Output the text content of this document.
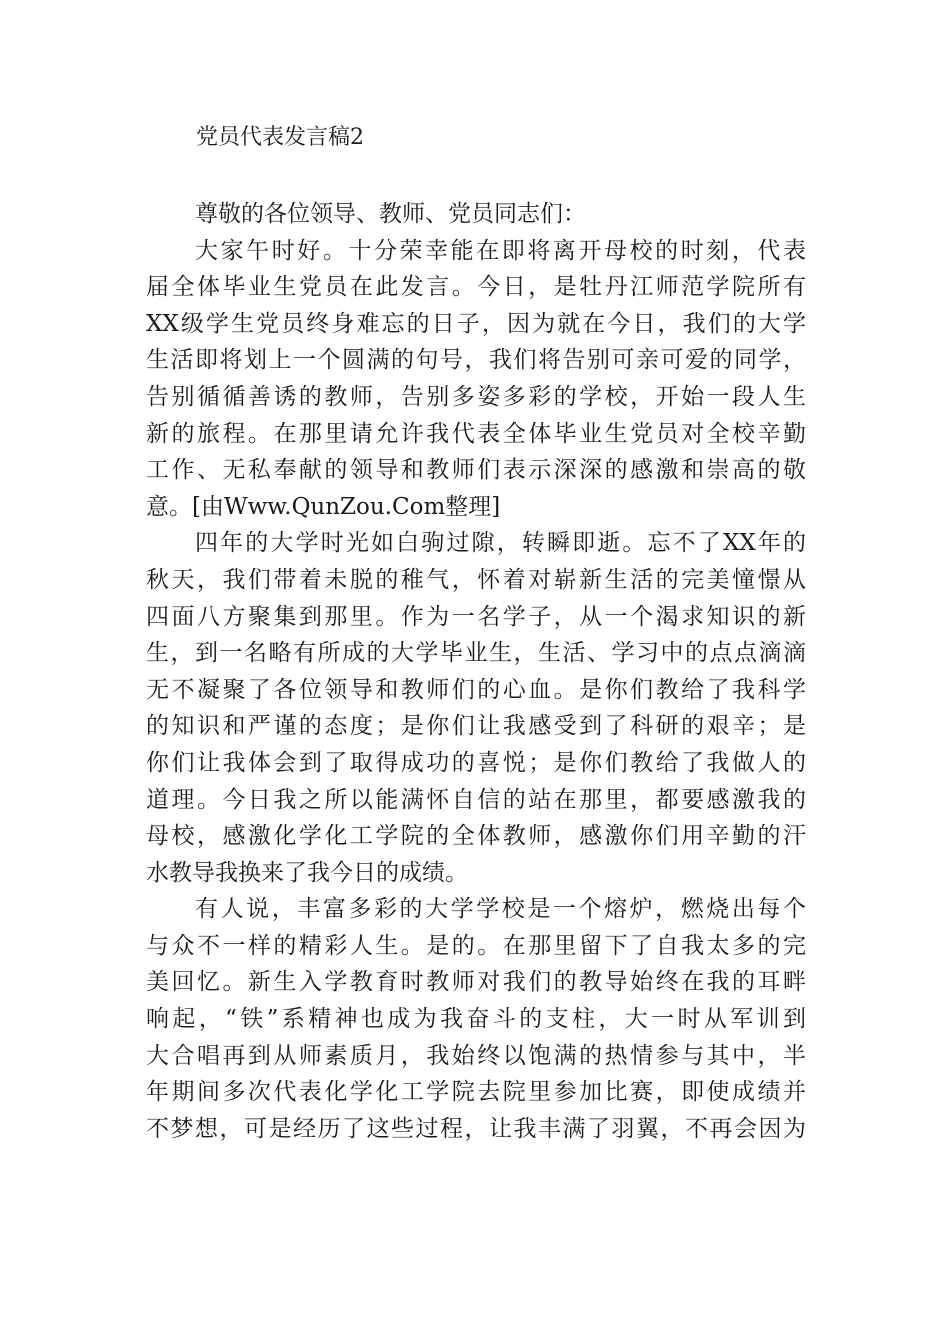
党员代表发言稿2
尊敬的各位领导、教师、党员同志们：
大家午时好。十分荣幸能在即将离开母校的时刻，代表
届全体毕业生党员在此发言。今日，是牡丹江师范学院所有
XX级学生党员终身难忘的日子，因为就在今日，我们的大学
生活即将划上一个圆满的句号，我们将告别可亲可爱的同学，
告别循循善诱的教师，告别多姿多彩的学校，开始一段人生
新的旅程。在那里请允许我代表全体毕业生党员对全校辛勤
工作、无私奉献的领导和教师们表示深深的感激和崇高的敬
意。[由Www.QunZou.Com整理]
四年的大学时光如白驹过隙，转瞬即逝。忘不了XX年的
秋天，我们带着未脱的稚气，怀着对崭新生活的完美憧憬从
四面八方聚集到那里。作为一名学子，从一个渴求知识的新
生，到一名略有所成的大学毕业生，生活、学习中的点点滴滴
无不凝聚了各位领导和教师们的心血。是你们教给了我科学
的知识和严谨的态度；是你们让我感受到了科研的艰辛；是
你们让我体会到了取得成功的喜悦；是你们教给了我做人的
道理。今日我之所以能满怀自信的站在那里，都要感激我的
母校，感激化学化工学院的全体教师，感激你们用辛勤的汗
水教导我换来了我今日的成绩。
有人说，丰富多彩的大学学校是一个熔炉，燃烧出每个
与众不一样的精彩人生。是的。在那里留下了自我太多的完
美回忆。新生入学教育时教师对我们的教导始终在我的耳畔
响起，“铁”系精神也成为我奋斗的支柱，大一时从军训到
大合唱再到从师素质月，我始终以饱满的热情参与其中，半
年期间多次代表化学化工学院去院里参加比赛，即使成绩并
不梦想，可是经历了这些过程，让我丰满了羽翼，不再会因为
